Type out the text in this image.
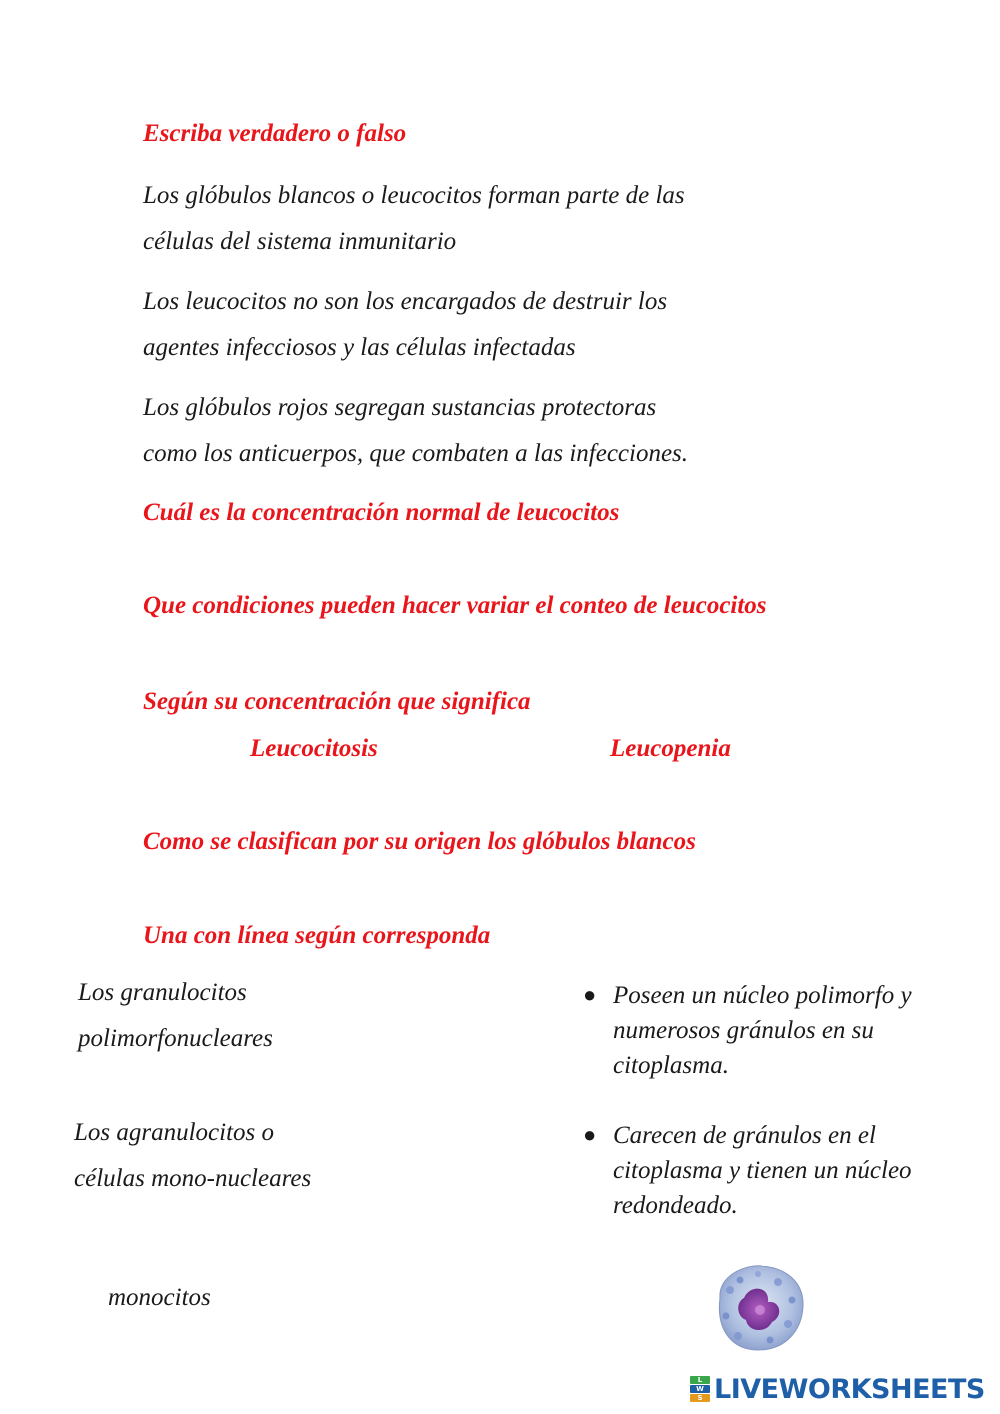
Escriba verdadero o falso
Los glóbulos blancos o leucocitos forman parte de las
células del sistema inmunitario
Los leucocitos no son los encargados de destruir los
agentes infecciosos y las células infectadas
Los glóbulos rojos segregan sustancias protectoras
como los anticuerpos, que combaten a las infecciones.
Cuál es la concentración normal de leucocitos
Que condiciones pueden hacer variar el conteo de leucocitos
Según su concentración que significa
Leucocitosis	Leucopenia
Como se clasifican por su origen los glóbulos blancos
Una con línea según corresponda
Los granulocitos
polimorfonucleares
Los agranulocitos o
células mono-nucleares
● Poseen un núcleo polimorfo y
numerosos gránulos en su
citoplasma.
● Carecen de gránulos en el
citoplasma y tienen un núcleo
redondeado.
monocitos
L
W
S LIVEWORKSHEETS
